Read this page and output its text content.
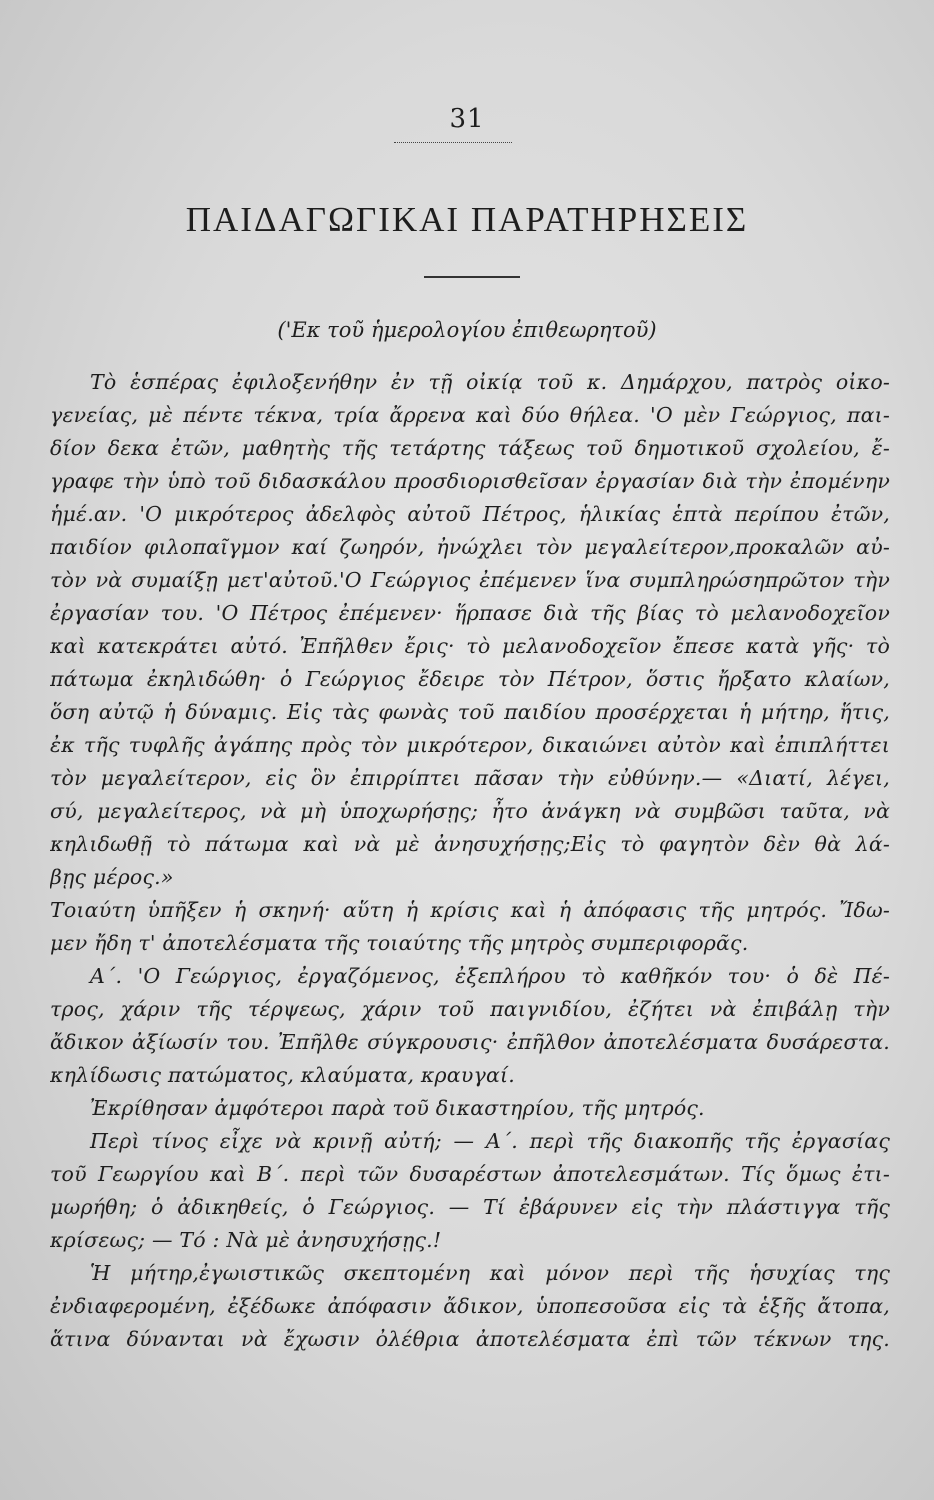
31
ΠΑΙΔΑΓΩΓΙΚΑΙ ΠΑΡΑΤΗΡΗΣΕΙΣ
('Εκ τοῦ ἡμερολογίου ἐπιθεωρητοῦ)
Τὸ ἑσπέρας ἐφιλοξενήθην ἐν τῇ οἰκίᾳ τοῦ κ. Δημάρχου, πατρὸς οἰκο-
γενείας, μὲ πέντε τέκνα, τρία ἄρρενα καὶ δύο θήλεα. 'Ο μὲν Γεώργιος, παι-
δίον δεκα ἐτῶν, μαθητὴς τῆς τετάρτης τάξεως τοῦ δημοτικοῦ σχολείου, ἔ-
γραφε τὴν ὑπὸ τοῦ διδασκάλου προσδιορισθεῖσαν ἐργασίαν διὰ τὴν ἐπομένην
ἡμέ.αν. 'Ο μικρότερος ἀδελφὸς αὐτοῦ Πέτρος, ἡλικίας ἑπτὰ περίπου ἐτῶν,
παιδίον φιλοπαῖγμον καί ζωηρόν, ἠνώχλει τὸν μεγαλείτερον,προκαλῶν αὐ-
τὸν νὰ συμαίξῃ μετ'αὐτοῦ.'Ο Γεώργιος ἐπέμενεν ἵνα συμπληρώσηπρῶτον τὴν
ἐργασίαν του. 'Ο Πέτρος ἐπέμενεν· ἥρπασε διὰ τῆς βίας τὸ μελανοδοχεῖον
καὶ κατεκράτει αὐτό. Ἐπῆλθεν ἔρις· τὸ μελανοδοχεῖον ἔπεσε κατὰ γῆς· τὸ
πάτωμα ἐκηλιδώθη· ὁ Γεώργιος ἔδειρε τὸν Πέτρον, ὅστις ἤρξατο κλαίων,
ὅση αὐτῷ ἡ δύναμις. Εἰς τὰς φωνὰς τοῦ παιδίου προσέρχεται ἡ μήτηρ, ἥτις,
ἐκ τῆς τυφλῆς ἀγάπης πρὸς τὸν μικρότερον, δικαιώνει αὐτὸν καὶ ἐπιπλήττει
τὸν μεγαλείτερον, εἰς ὃν ἐπιρρίπτει πᾶσαν τὴν εὐθύνην.— «Διατί, λέγει,
σύ, μεγαλείτερος, νὰ μὴ ὑποχωρήσῃς; ἦτο ἀνάγκη νὰ συμβῶσι ταῦτα, νὰ
κηλιδωθῇ τὸ πάτωμα καὶ νὰ μὲ ἀνησυχήσῃς;Εἰς τὸ φαγητὸν δὲν θὰ λά-
βῃς μέρος.»
Τοιαύτη ὑπῆξεν ἡ σκηνή· αὕτη ἡ κρίσις καὶ ἡ ἀπόφασις τῆς μητρός. Ἴδω-
μεν ἤδη τ' ἀποτελέσματα τῆς τοιαύτης τῆς μητρὸς συμπεριφορᾶς.
Α΄. 'Ο Γεώργιος, ἐργαζόμενος, ἐξεπλήρου τὸ καθῆκόν του· ὁ δὲ Πέ-
τρος, χάριν τῆς τέρψεως, χάριν τοῦ παιγνιδίου, ἐζήτει νὰ ἐπιβάλῃ τὴν
ἄδικον ἀξίωσίν του. Ἐπῆλθε σύγκρουσις· ἐπῆλθον ἀποτελέσματα δυσάρεστα.
κηλίδωσις πατώματος, κλαύματα, κραυγαί.
Ἐκρίθησαν ἀμφότεροι παρὰ τοῦ δικαστηρίου, τῆς μητρός.
Περὶ τίνος εἶχε νὰ κρινῇ αὐτή; — Α΄. περὶ τῆς διακοπῆς τῆς ἐργασίας
τοῦ Γεωργίου καὶ Β΄. περὶ τῶν δυσαρέστων ἀποτελεσμάτων. Τίς ὅμως ἐτι-
μωρήθη; ὁ ἀδικηθείς, ὁ Γεώργιος. — Τί ἐβάρυνεν εἰς τὴν πλάστιγγα τῆς
κρίσεως; — Τό : Νὰ μὲ ἀνησυχήσῃς.!
Ἡ μήτηρ,ἐγωιστικῶς σκεπτομένη καὶ μόνον περὶ τῆς ἡσυχίας της
ἐνδιαφερομένη, ἐξέδωκε ἀπόφασιν ἄδικον, ὑποπεσοῦσα εἰς τὰ ἑξῆς ἄτοπα,
ἅτινα δύνανται νὰ ἔχωσιν ὀλέθρια ἀποτελέσματα ἐπὶ τῶν τέκνων της.
